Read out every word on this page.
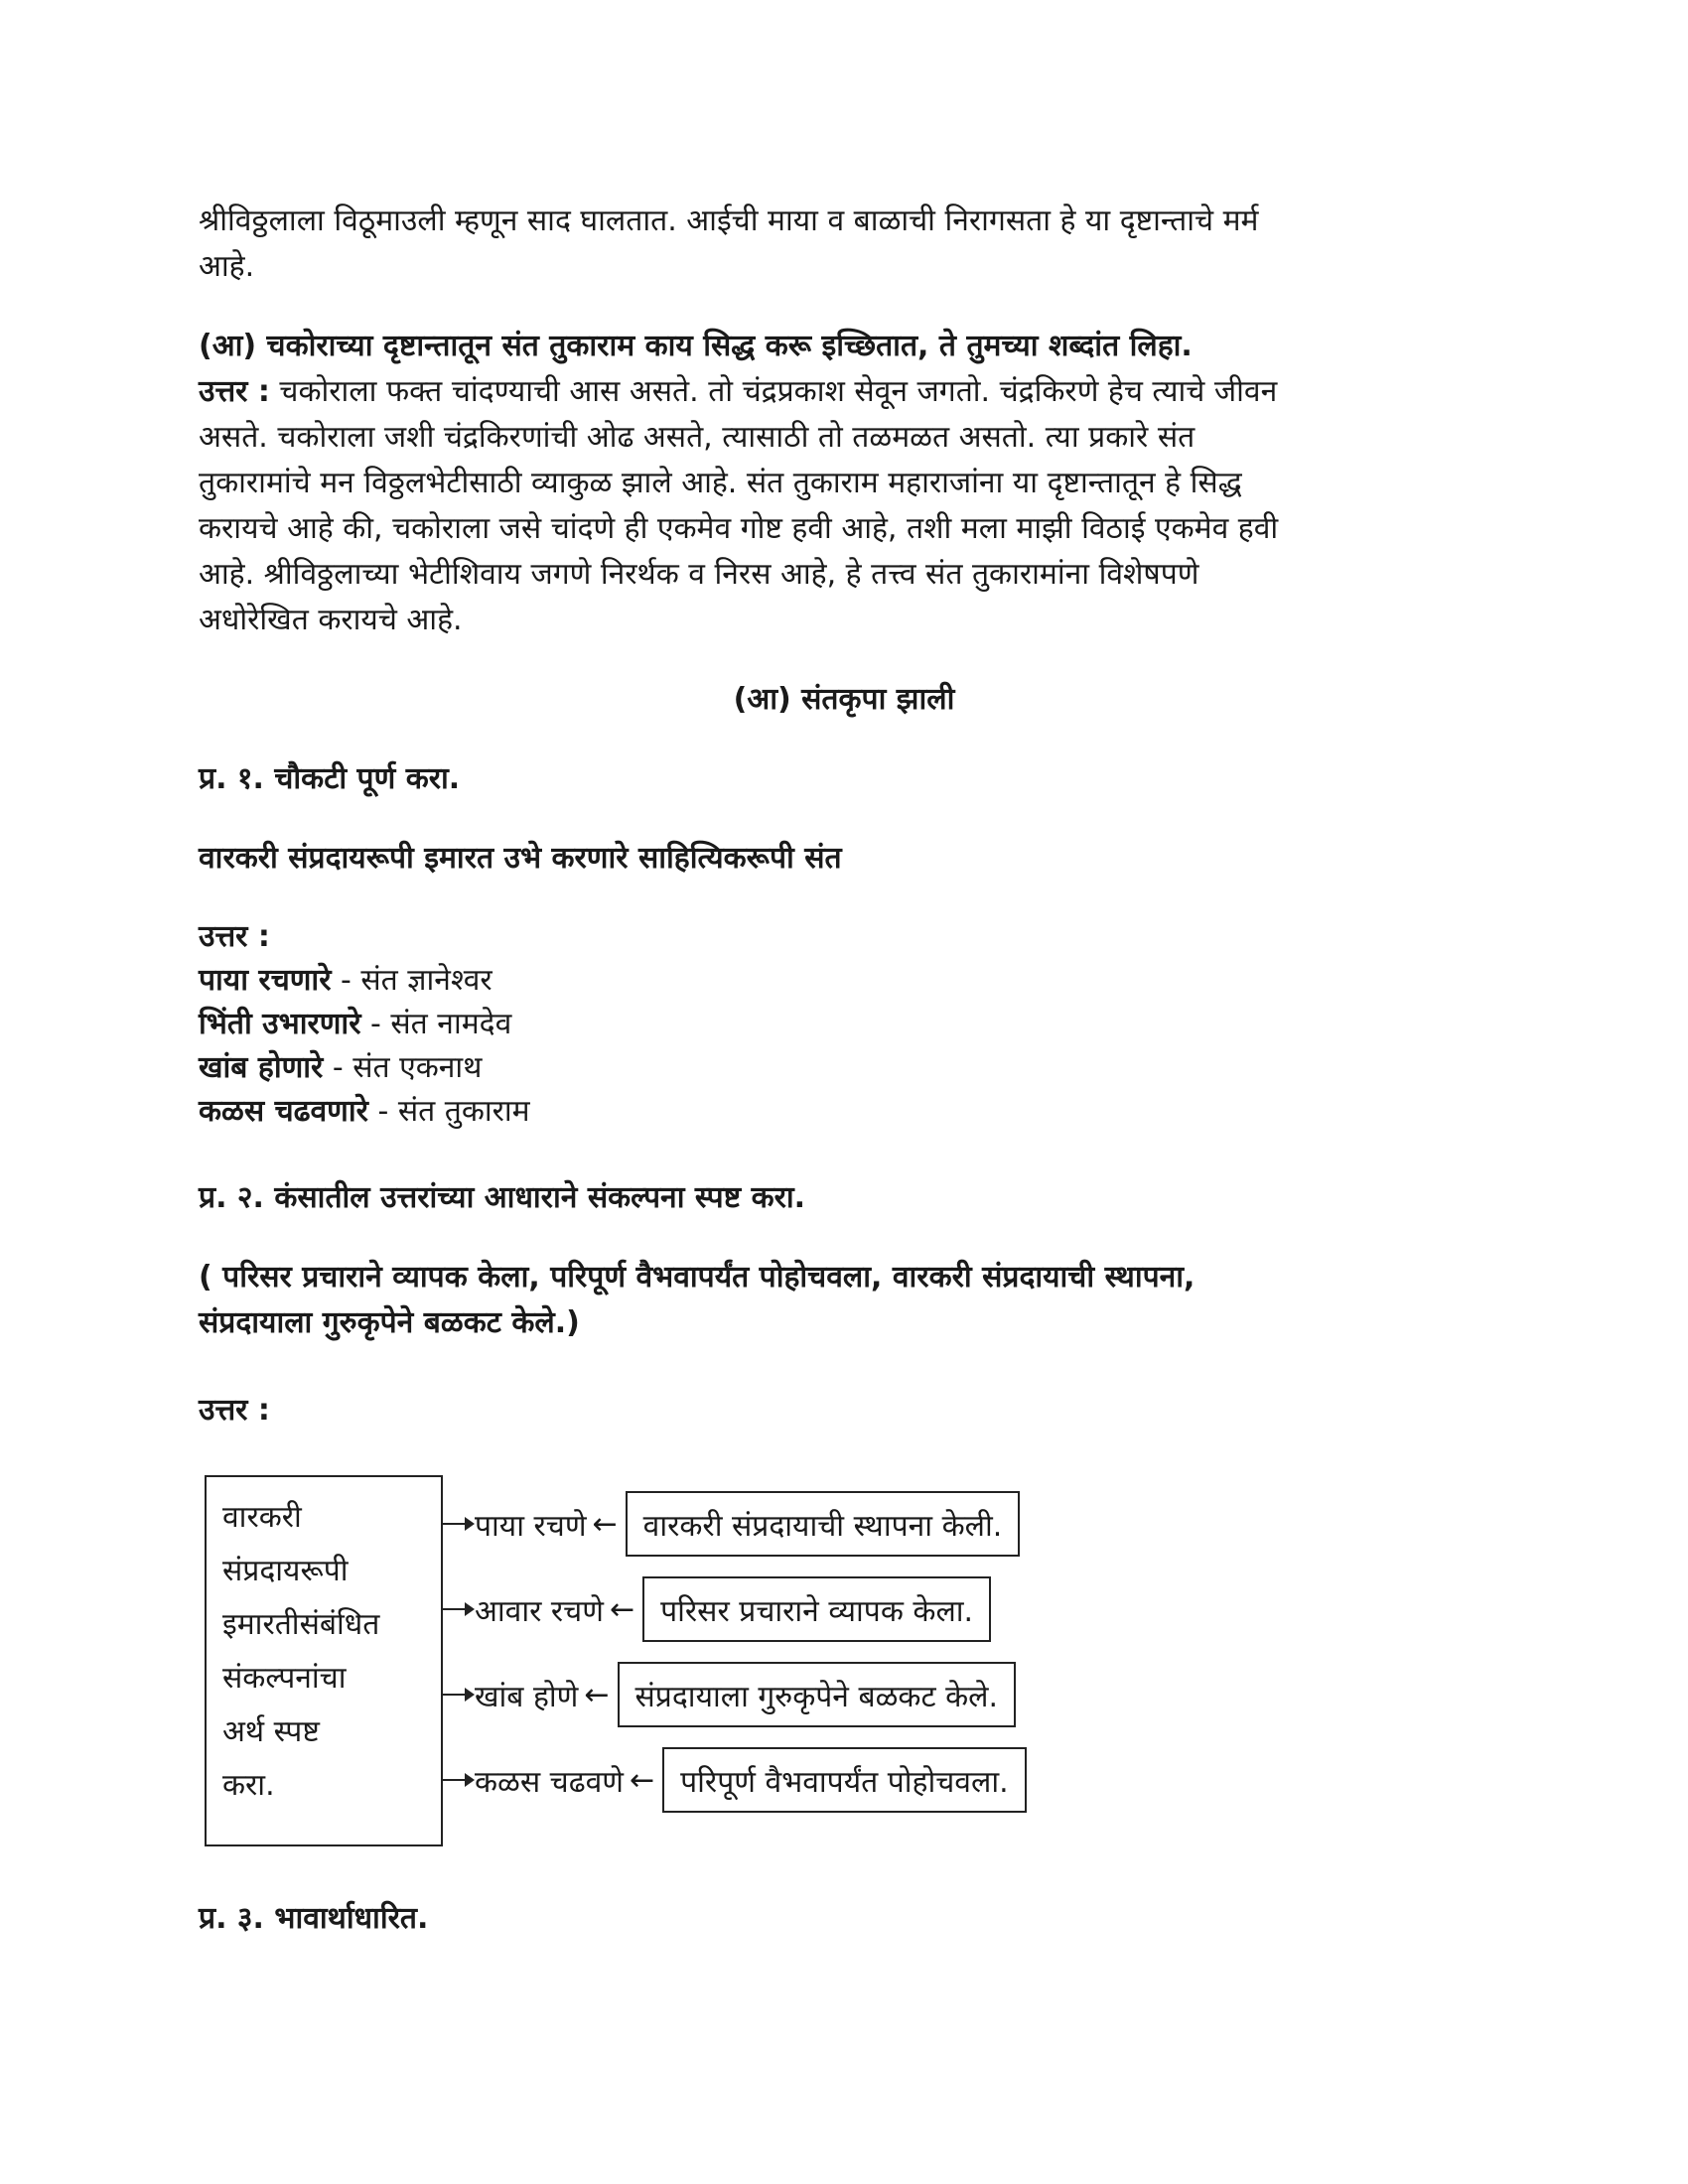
श्रीविठ्ठलाला विठूमाउली म्हणून साद घालतात. आईची माया व बाळाची निरागसता हे या दृष्टान्ताचे मर्म

आहे.

(आ) चकोराच्या दृष्टान्तातून संत तुकाराम काय सिद्ध करू इच्छितात, ते तुमच्या शब्दांत लिहा.

उत्तर : चकोराला फक्त चांदण्याची आस असते. तो चंद्रप्रकाश सेवून जगतो. चंद्रकिरणे हेच त्याचे जीवन

असते. चकोराला जशी चंद्रकिरणांची ओढ असते, त्यासाठी तो तळमळत असतो. त्या प्रकारे संत

तुकारामांचे मन विठ्ठलभेटीसाठी व्याकुळ झाले आहे. संत तुकाराम महाराजांना या दृष्टान्तातून हे सिद्ध

करायचे आहे की, चकोराला जसे चांदणे ही एकमेव गोष्ट हवी आहे, तशी मला माझी विठाई एकमेव हवी

आहे. श्रीविठ्ठलाच्या भेटीशिवाय जगणे निरर्थक व निरस आहे, हे तत्त्व संत तुकारामांना विशेषपणे

अधोरेखित करायचे आहे.

(आ) संतकृपा झाली

प्र. १. चौकटी पूर्ण करा.

वारकरी संप्रदायरूपी इमारत उभे करणारे साहित्यिकरूपी संत

उत्तर :

पाया रचणारे - संत ज्ञानेश्वर

भिंती उभारणारे - संत नामदेव

खांब होणारे - संत एकनाथ

कळस चढवणारे - संत तुकाराम

प्र. २. कंसातील उत्तरांच्या आधाराने संकल्पना स्पष्ट करा.

( परिसर प्रचाराने व्यापक केला, परिपूर्ण वैभवापर्यंत पोहोचवला, वारकरी संप्रदायाची स्थापना,

संप्रदायाला गुरुकृपेने बळकट केले.)

उत्तर :

वारकरी
संप्रदायरूपी
इमारतीसंबंधित
संकल्पनांचा
अर्थ स्पष्ट
करा.
पाया रचणे ← वारकरी संप्रदायाची स्थापना केली.
आवार रचणे ← परिसर प्रचाराने व्यापक केला.
खांब होणे ← संप्रदायाला गुरुकृपेने बळकट केले.
कळस चढवणे ← परिपूर्ण वैभवापर्यंत पोहोचवला.

प्र. ३. भावार्थाधारित.
